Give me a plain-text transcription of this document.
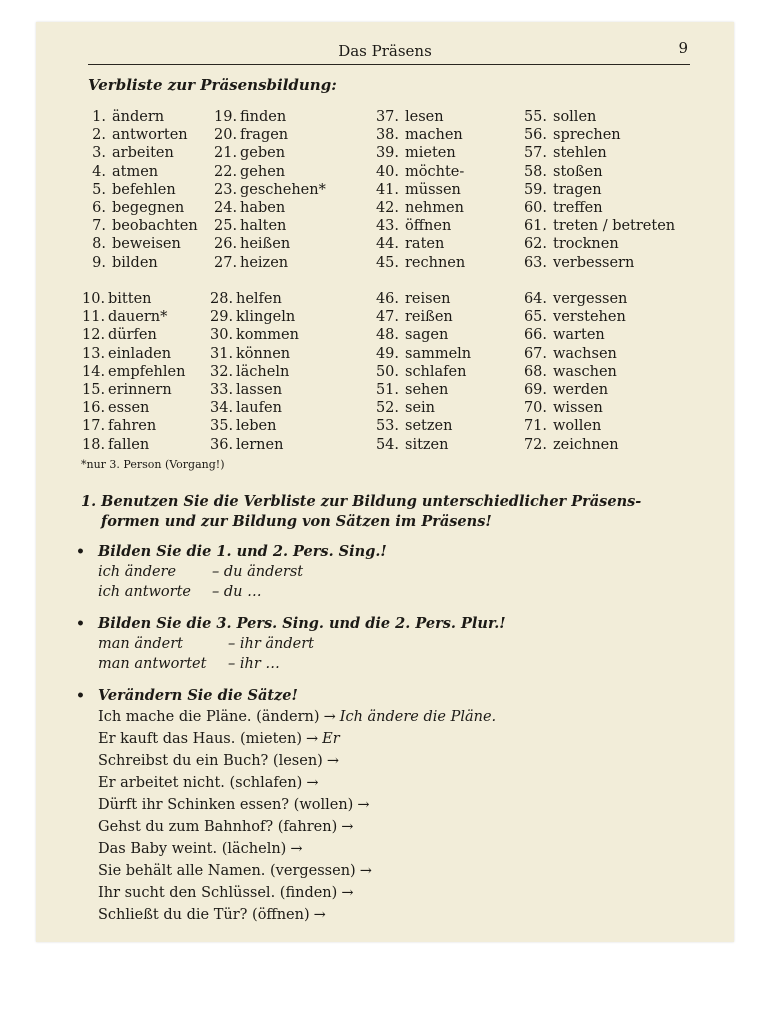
Das Präsens	9
Verbliste zur Präsensbildung:
1. ändern
2. antworten
3. arbeiten
4. atmen
5. befehlen
6. begegnen
7. beobachten
8. beweisen
9. bilden
10. bitten
11. dauern*
12. dürfen
13. einladen
14. empfehlen
15. erinnern
16. essen
17. fahren
18. fallen
19. finden
20. fragen
21. geben
22. gehen
23. geschehen*
24. haben
25. halten
26. heißen
27. heizen
28. helfen
29. klingeln
30. kommen
31. können
32. lächeln
33. lassen
34. laufen
35. leben
36. lernen
37. lesen
38. machen
39. mieten
40. möchte-
41. müssen
42. nehmen
43. öffnen
44. raten
45. rechnen
46. reisen
47. reißen
48. sagen
49. sammeln
50. schlafen
51. sehen
52. sein
53. setzen
54. sitzen
55. sollen
56. sprechen
57. stehlen
58. stoßen
59. tragen
60. treffen
61. treten / betreten
62. trocknen
63. verbessern
64. vergessen
65. verstehen
66. warten
67. wachsen
68. waschen
69. werden
70. wissen
71. wollen
72. zeichnen
*nur 3. Person (Vorgang!)
1. Benutzen Sie die Verbliste zur Bildung unterschiedlicher Präsens-
formen und zur Bildung von Sätzen im Präsens!
• Bilden Sie die 1. und 2. Pers. Sing.!
ich ändere – du änderst
ich antworte – du …
• Bilden Sie die 3. Pers. Sing. und die 2. Pers. Plur.!
man ändert	– ihr ändert
man antwortet – ihr …
• Verändern Sie die Sätze!
Ich mache die Pläne. (ändern) → Ich ändere die Pläne.
Er kauft das Haus. (mieten) → Er
Schreibst du ein Buch? (lesen) →
Er arbeitet nicht. (schlafen) →
Dürft ihr Schinken essen? (wollen) →
Gehst du zum Bahnhof? (fahren) →
Das Baby weint. (lächeln) →
Sie behält alle Namen. (vergessen) →
Ihr sucht den Schlüssel. (finden) →
Schließt du die Tür? (öffnen) →
